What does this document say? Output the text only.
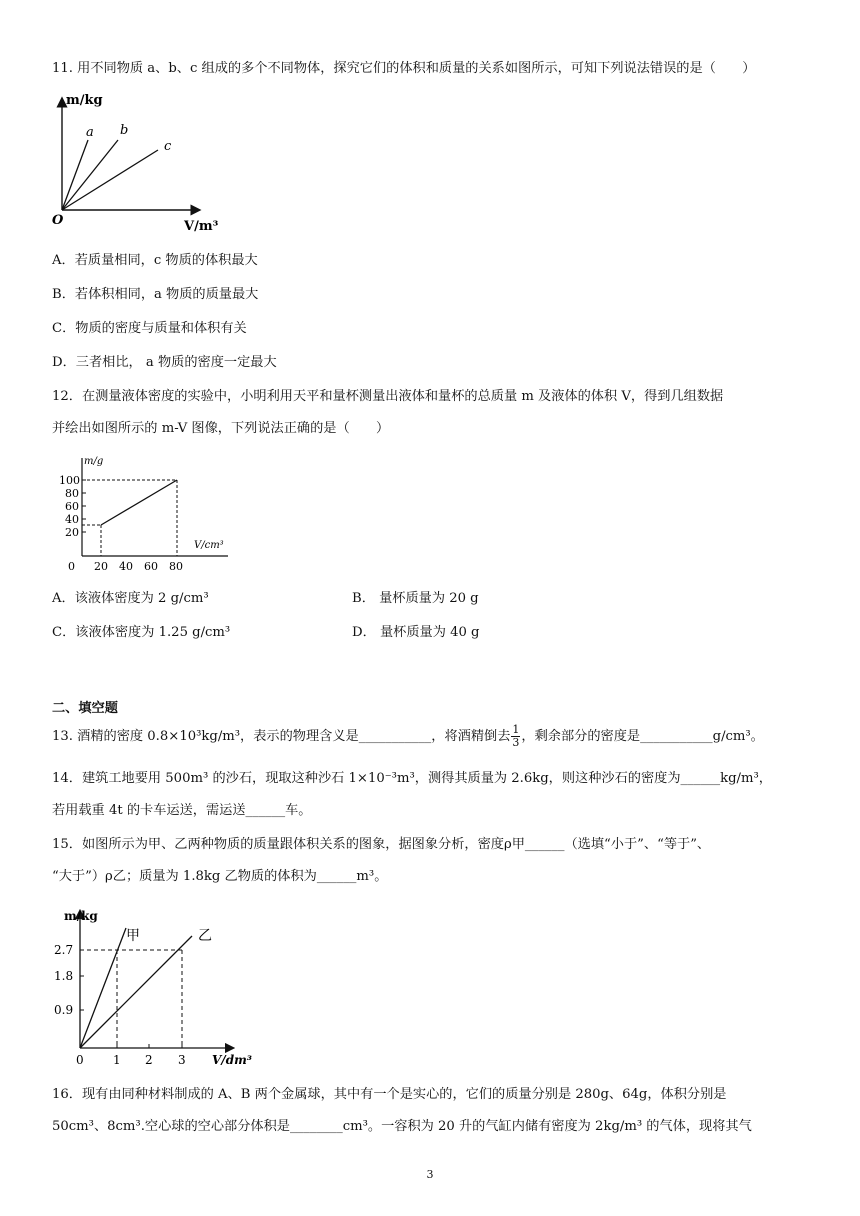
11. 用不同物质 a、b、c 组成的多个不同物体，探究它们的体积和质量的关系如图所示，可知下列说法错误的是（　　）
m/kg
V/m³
O
a b
c
A．若质量相同，c 物质的体积最大
B．若体积相同，a 物质的质量最大
C．物质的密度与质量和体积有关
D．三者相比， a 物质的密度一定最大
12．在测量液体密度的实验中，小明利用天平和量杯测量出液体和量杯的总质量 m 及液体的体积 V，得到几组数据
并绘出如图所示的 m-V 图像，下列说法正确的是（　　）
m/g
V/cm³
100
80
60
40
20
0 20 40 60 80
A．该液体密度为 2 g/cm³	B． 量杯质量为 20 g
C．该液体密度为 1.25 g/cm³	D． 量杯质量为 40 g
二、填空题
13. 酒精的密度 0.8×10³kg/m³，表示的物理含义是___________，将酒精倒去 $\frac{1}{3}$ ，剩余部分的密度是___________g/cm³。
14．建筑工地要用 500m³ 的沙石，现取这种沙石 1×10⁻³m³，测得其质量为 2.6kg，则这种沙石的密度为______kg/m³，
若用载重 4t 的卡车运送，需运送______车。
15．如图所示为甲、乙两种物质的质量跟体积关系的图象，据图象分析，密度ρ甲______（选填“小于”、“等于”、
“大于”）ρ乙；质量为 1.8kg 乙物质的体积为______m³。
m/kg
V/dm³
甲	乙
2.7
1.8
0.9
0 1 2 3
16．现有由同种材料制成的 A、B 两个金属球，其中有一个是实心的，它们的质量分别是 280g、64g，体积分别是
50cm³、8cm³.空心球的空心部分体积是________cm³。一容积为 20 升的气缸内储有密度为 2kg/m³ 的气体，现将其气
3
